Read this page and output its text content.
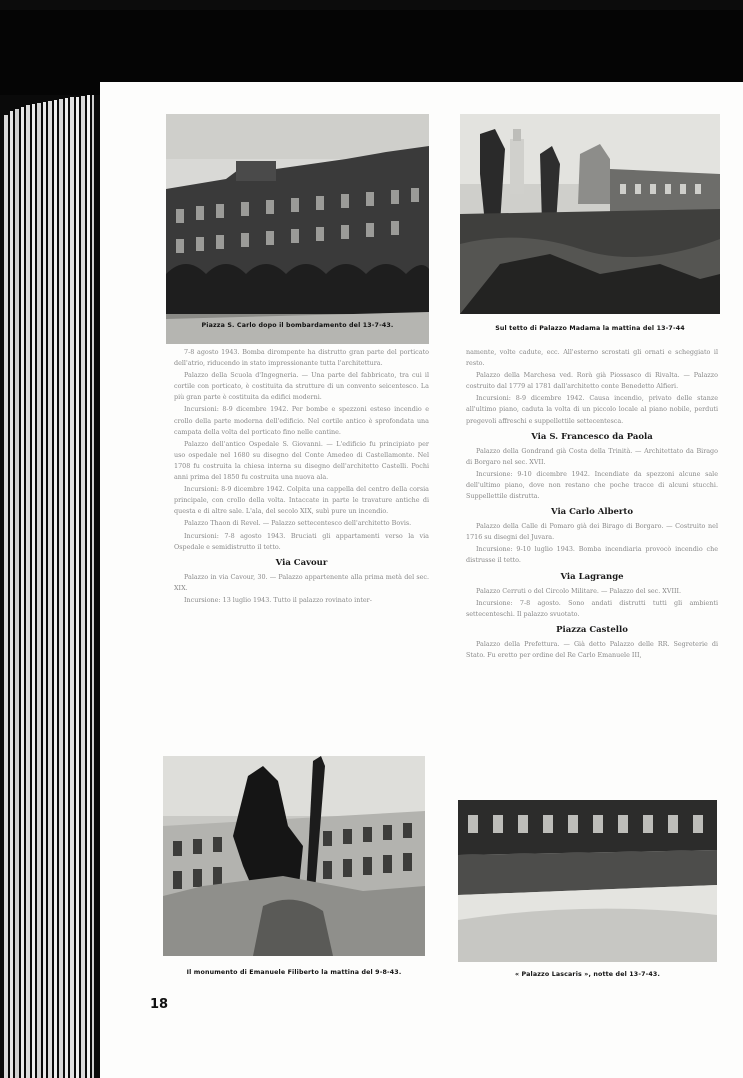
Piazza S. Carlo dopo il bombardamento del 13-7-43.	Sul tetto di Palazzo Madama la mattina del 13-7-44

7-8 agosto 1943. Bomba dirompente ha distrutto gran parte del porticato dell'atrio, riducendo in stato impressionante tutta l'architettura.

Palazzo della Scuola d'Ingegneria. — Una parte del fabbricato, tra cui il cortile con porticato, è costituita da strutture di un convento seicentesco. La più gran parte è costituita da edifici moderni.

Incursioni: 8-9 dicembre 1942. Per bombe e spezzoni esteso incendio e crollo della parte moderna dell'edificio. Nel cortile antico è sprofondata una campata della volta del porticato fino nelle cantine.

Palazzo dell'antico Ospedale S. Giovanni. — L'edificio fu principiato per uso ospedale nel 1680 su disegno del Conte Amedeo di Castellamonte. Nel 1708 fu costruita la chiesa interna su disegno dell'architetto Castelli. Pochi anni prima del 1850 fu costruita una nuova ala.

Incursioni: 8-9 dicembre 1942. Colpita una cappella del centro della corsia principale, con crollo della volta. Intaccate in parte le travature antiche di questa e di altre sale. L'ala, del secolo XIX, subì pure un incendio.

Palazzo Thaon di Revel. — Palazzo settecentesco dell'architetto Bovis.

Incursioni: 7-8 agosto 1943. Bruciati gli appartamenti verso la via Ospedale e semidistrutto il tetto.

Via Cavour

Palazzo in via Cavour, 30. — Palazzo appartenente alla prima metà del sec. XIX.

Incursione: 13 luglio 1943. Tutto il palazzo rovinato inter-

namente, volte cadute, ecc. All'esterno scrostati gli ornati e scheggiato il resto.

Palazzo della Marchesa ved. Rorà già Piossasco di Rivalta. — Palazzo costruito dal 1779 al 1781 dall'architetto conte Benedetto Alfieri.

Incursioni: 8-9 dicembre 1942. Causa incendio, privato delle stanze all'ultimo piano, caduta la volta di un piccolo locale al piano nobile, perduti pregevoli affreschi e suppellettile settecentesca.

Via S. Francesco da Paola

Palazzo della Gondrand già Costa della Trinità. — Architettato da Birago di Borgaro nel sec. XVII.

Incursione: 9-10 dicembre 1942. Incendiate da spezzoni alcune sale dell'ultimo piano, dove non restano che poche tracce di alcuni stucchi. Suppellettile distrutta.

Via Carlo Alberto

Palazzo della Calle di Pomaro già dei Birago di Borgaro. — Costruito nel 1716 su disegni del Juvara.

Incursione: 9-10 luglio 1943. Bomba incendiaria provocò incendio che distrusse il tetto.

Via Lagrange

Palazzo Cerruti o del Circolo Militare. — Palazzo del sec. XVIII.

Incursione: 7-8 agosto. Sono andati distrutti tutti gli ambienti settecenteschi. Il palazzo svuotato.

Piazza Castello

Palazzo della Prefettura. — Già detto Palazzo delle RR. Segreterie di Stato. Fu eretto per ordine del Re Carlo Emanuele III,

Il monumento di Emanuele Filiberto la mattina del 9-8-43.	« Palazzo Lascaris », notte del 13-7-43.
18
